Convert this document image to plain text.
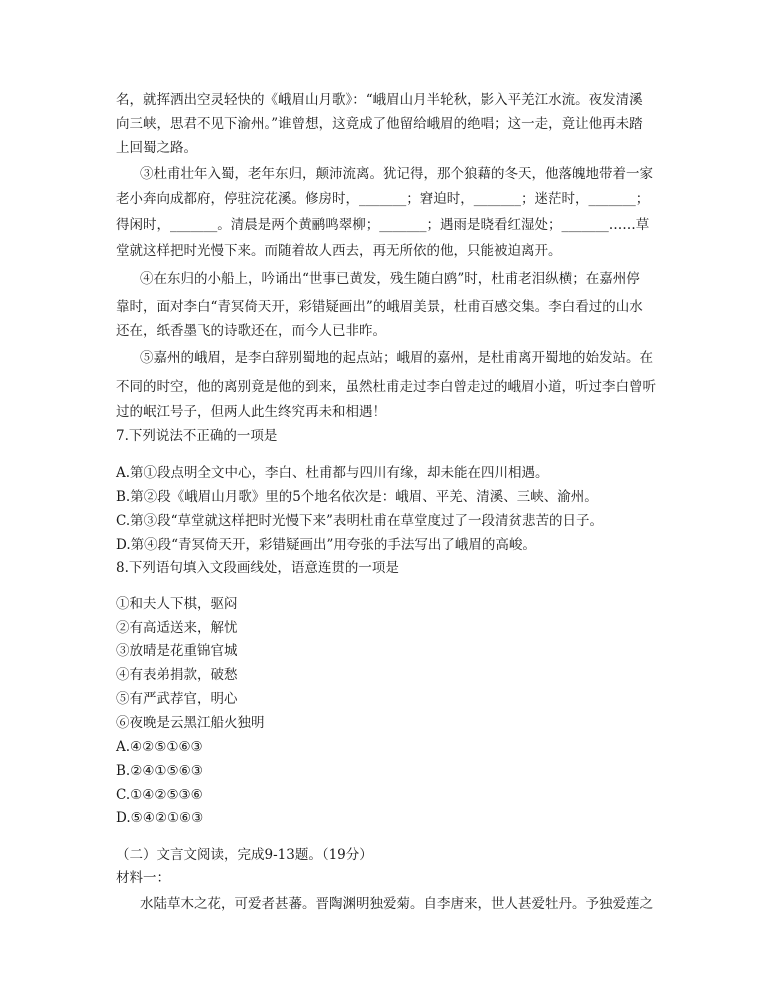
名，就挥洒出空灵轻快的《峨眉山月歌》：“峨眉山月半轮秋，影入平羌江水流。夜发清溪
向三峡，思君不见下渝州。”谁曾想，这竟成了他留给峨眉的绝唱；这一走，竟让他再未踏
上回蜀之路。
③杜甫壮年入蜀，老年东归，颠沛流离。犹记得，那个狼藉的冬天，他落魄地带着一家
老小奔向成都府，停驻浣花溪。修房时，_______；窘迫时，_______；迷茫时，_______；
得闲时，_______。清晨是两个黄鹂鸣翠柳；_______；遇雨是晓看红湿处；_______……草
堂就这样把时光慢下来。而随着故人西去，再无所依的他，只能被迫离开。
④在东归的小船上，吟诵出“世事已黄发，残生随白鸥”时，杜甫老泪纵横；在嘉州停
靠时，面对李白“青冥倚天开，彩错疑画出”的峨眉美景，杜甫百感交集。李白看过的山水
还在，纸香墨飞的诗歌还在，而今人已非昨。
⑤嘉州的峨眉，是李白辞别蜀地的起点站；峨眉的嘉州，是杜甫离开蜀地的始发站。在
不同的时空，他的离别竟是他的到来，虽然杜甫走过李白曾走过的峨眉小道，听过李白曾听
过的岷江号子，但两人此生终究再未和相遇！
7.下列说法不正确的一项是
A.第①段点明全文中心，李白、杜甫都与四川有缘，却未能在四川相遇。
B.第②段《峨眉山月歌》里的5个地名依次是：峨眉、平羌、清溪、三峡、渝州。
C.第③段“草堂就这样把时光慢下来”表明杜甫在草堂度过了一段清贫悲苦的日子。
D.第④段“青冥倚天开，彩错疑画出”用夸张的手法写出了峨眉的高峻。
8.下列语句填入文段画线处，语意连贯的一项是
①和夫人下棋，驱闷
②有高适送来，解忧
③放晴是花重锦官城
④有表弟捐款，破愁
⑤有严武荐官，明心
⑥夜晚是云黑江船火独明
A.④②⑤①⑥③
B.②④①⑤⑥③
C.①④②⑤③⑥
D.⑤④②①⑥③
（二）文言文阅读，完成9-13题。（19分）
材料一：
水陆草木之花，可爱者甚蕃。晋陶渊明独爱菊。自李唐来，世人甚爱牡丹。予独爱莲之
